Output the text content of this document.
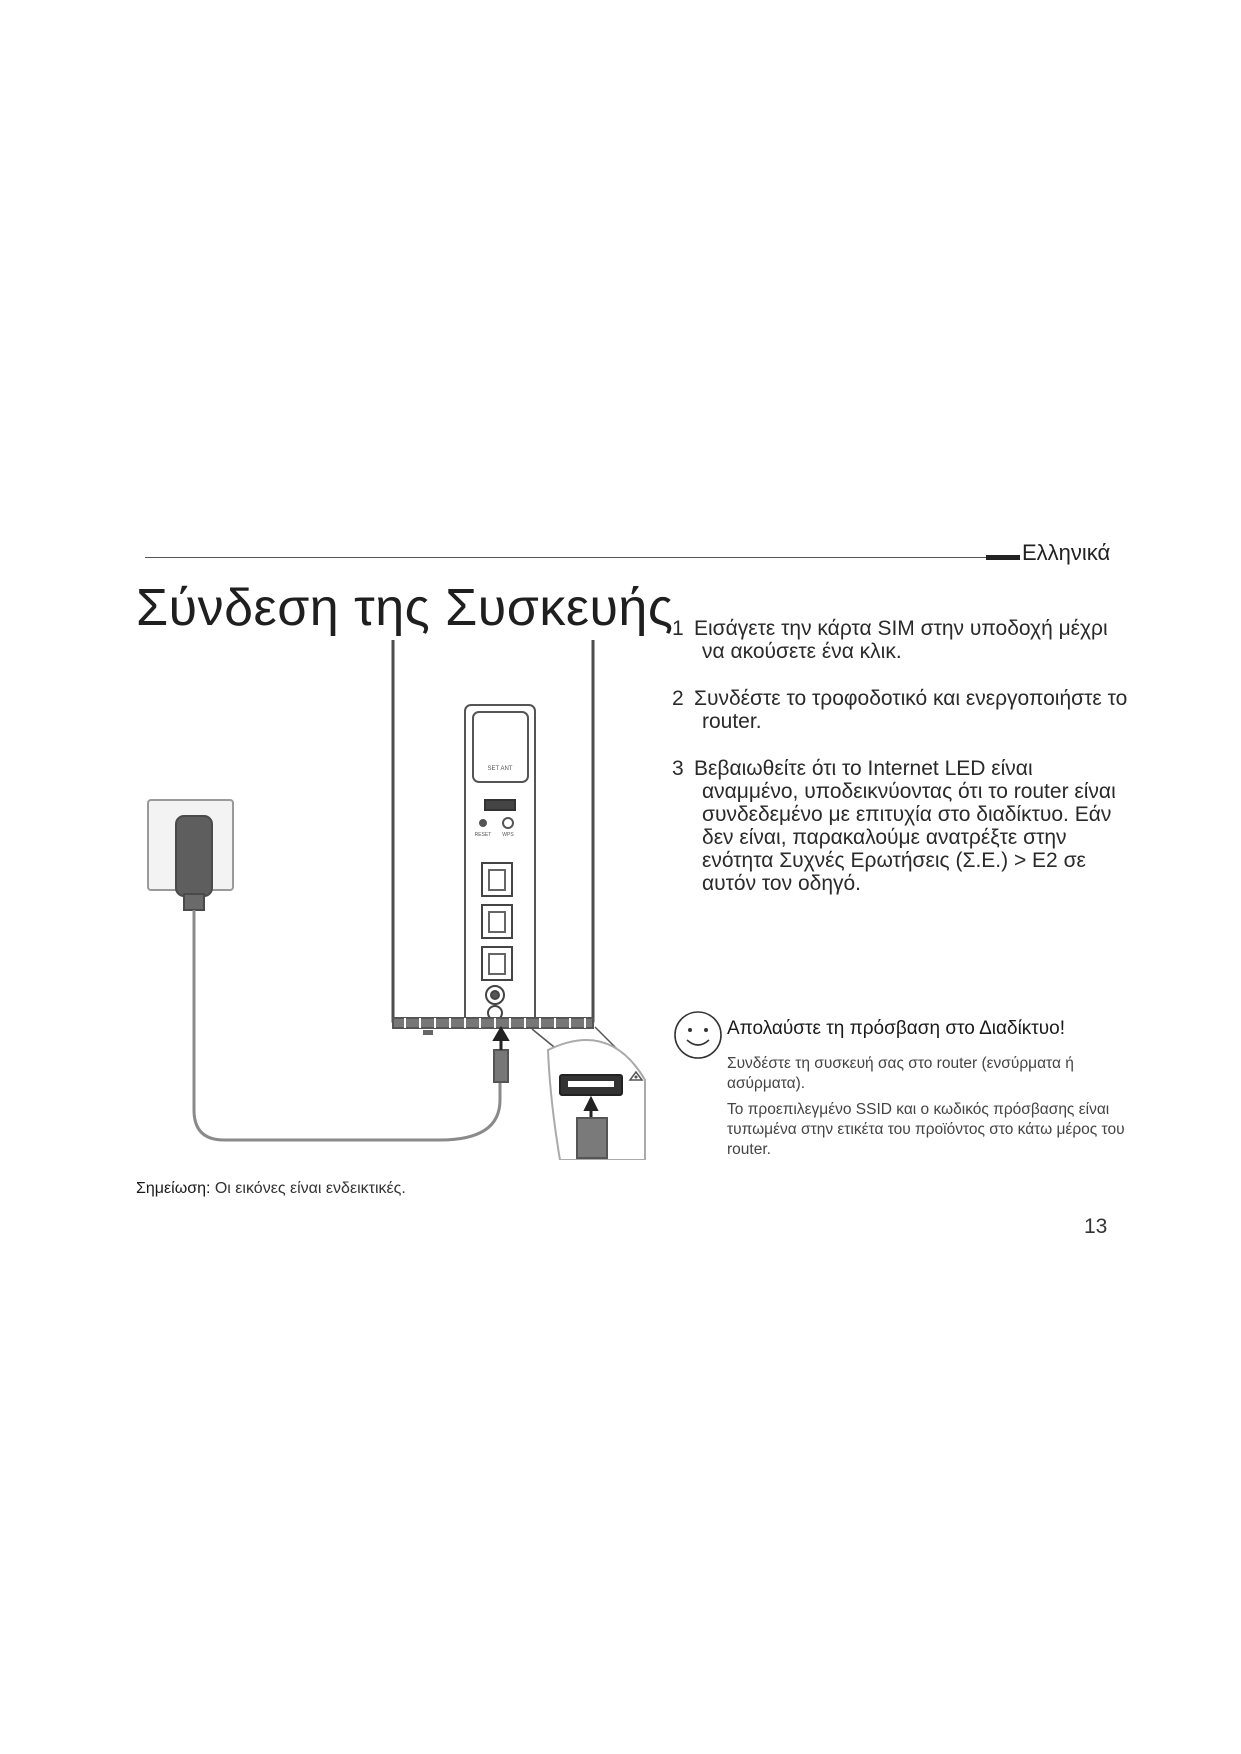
Ελληνικά
Σύνδεση της Συσκευής
1 Εισάγετε την κάρτα SIM στην υποδοχή μέχρι να ακούσετε ένα κλικ.
2 Συνδέστε το τροφοδοτικό και ενεργοποιήστε το router.
3 Βεβαιωθείτε ότι το Internet LED είναι αναμμένο, υποδεικνύοντας ότι το router είναι συνδεδεμένο με επιτυχία στο διαδίκτυο. Εάν δεν είναι, παρακαλούμε ανατρέξτε στην ενότητα Συχνές Ερωτήσεις (Σ.Ε.) > Ε2 σε αυτόν τον οδηγό.
SET ANT
RESET WPS
Απολαύστε τη πρόσβαση στο Διαδίκτυο!

Συνδέστε τη συσκευή σας στο router (ενσύρματα ή ασύρματα).

Το προεπιλεγμένο SSID και ο κωδικός πρόσβασης είναι τυπωμένα στην ετικέτα του προϊόντος στο κάτω μέρος του router.

Σημείωση: Οι εικόνες είναι ενδεικτικές.
13
